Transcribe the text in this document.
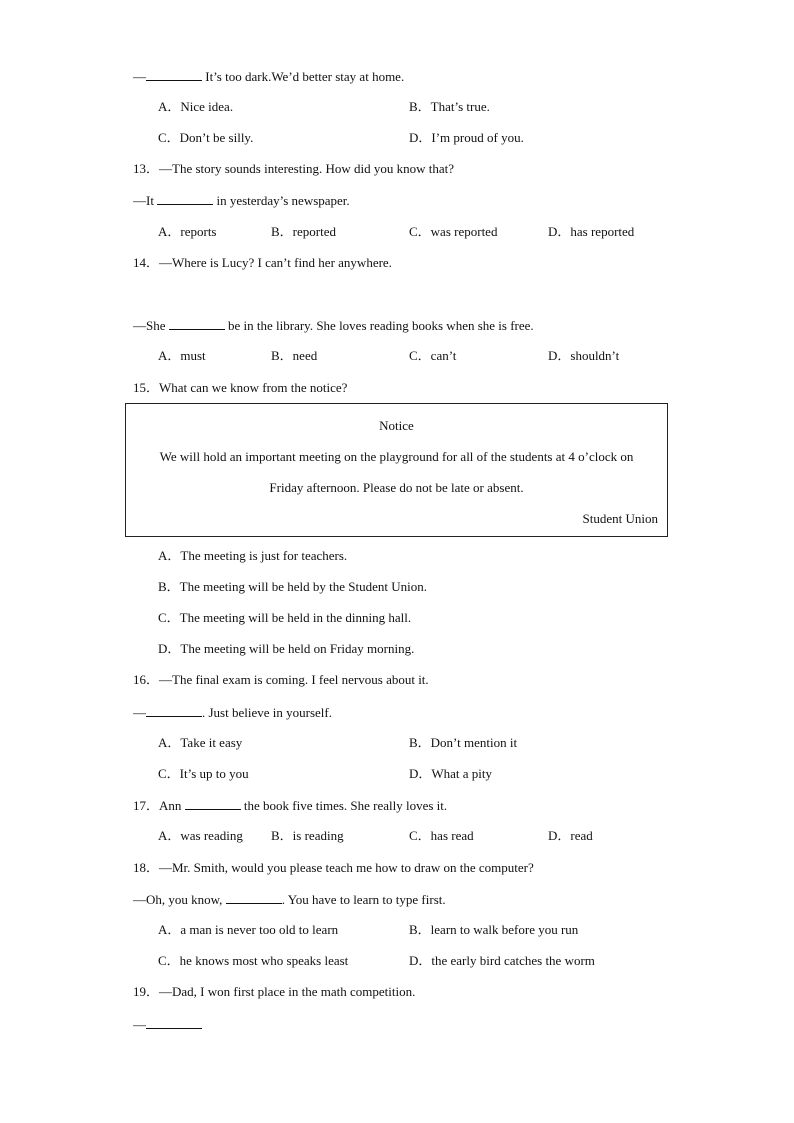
—	It’s too dark.We’d better stay at home.
A．Nice idea.	B．That’s true.
C．Don’t be silly.	D．I’m proud of you.
13．—The story sounds interesting. How did you know that?
—It	in yesterday’s newspaper.
A．reports	B．reported	C．was reported	D．has reported
14．—Where is Lucy? I can’t find her anywhere.
—She	be in the library. She loves reading books when she is free.
A．must	B．need	C．can’t	D．shouldn’t
15．What can we know from the notice?
Notice
We will hold an important meeting on the playground for all of the students at 4 o’clock on
Friday afternoon. Please do not be late or absent.
Student Union
A．The meeting is just for teachers.
B．The meeting will be held by the Student Union.
C．The meeting will be held in the dinning hall.
D．The meeting will be held on Friday morning.
16．—The final exam is coming. I feel nervous about it.
—	. Just believe in yourself.
A．Take it easy	B．Don’t mention it
C．It’s up to you	D．What a pity
17．Ann	the book five times. She really loves it.
A．was reading B．is reading	C．has read	D．read
18．—Mr. Smith, would you please teach me how to draw on the computer?
—Oh, you know,	. You have to learn to type first.
A．a man is never too old to learn	B．learn to walk before you run
C．he knows most who speaks least	D．the early bird catches the worm
19．—Dad, I won first place in the math competition.
—
